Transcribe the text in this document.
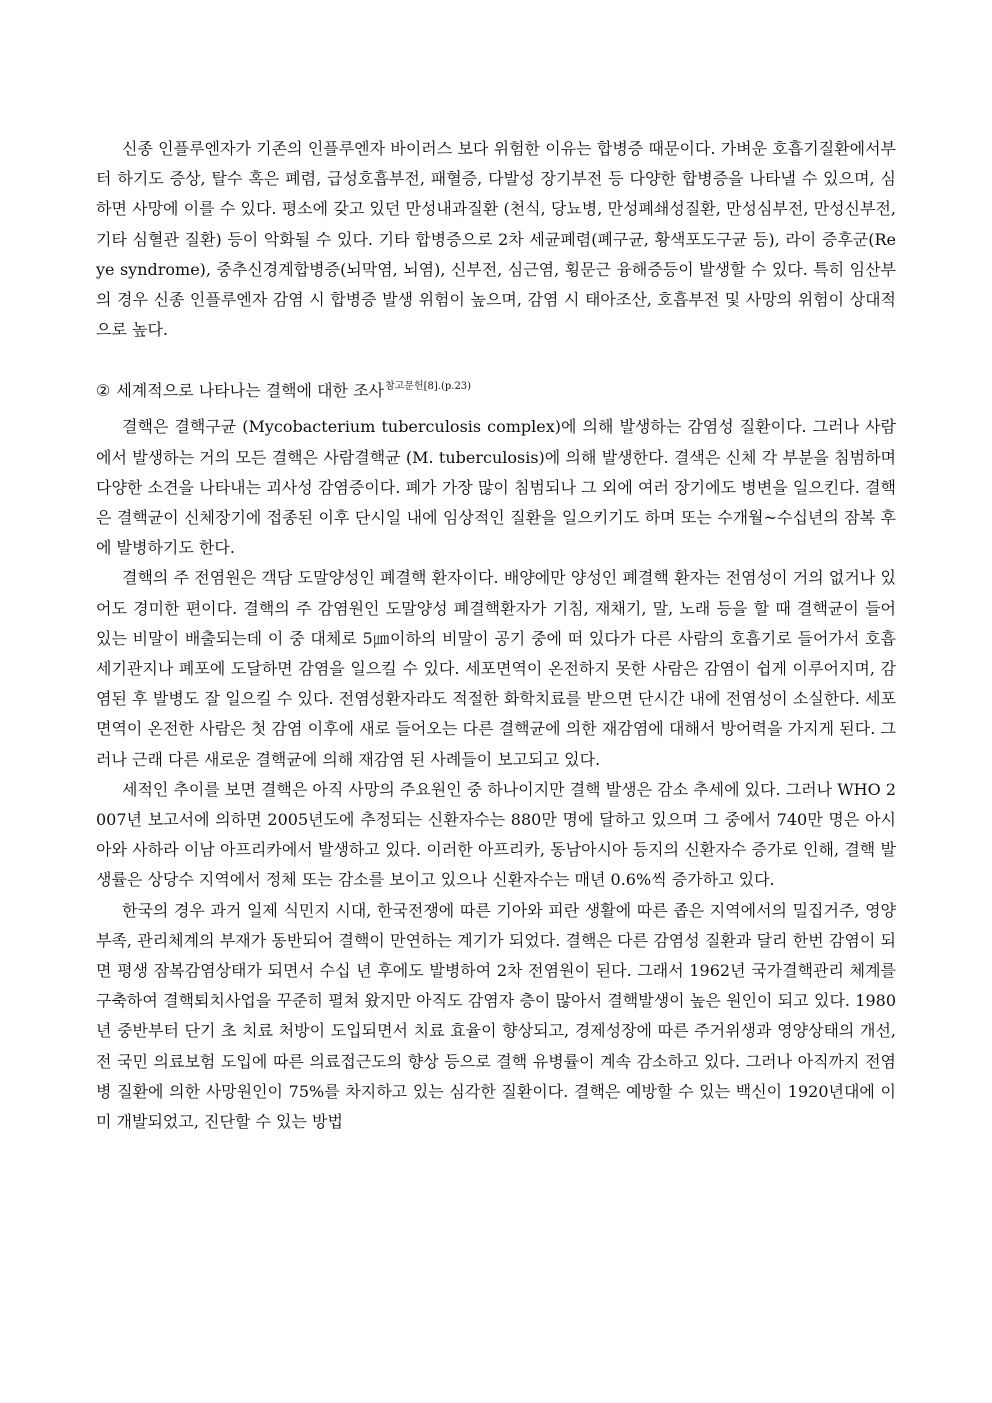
신종 인플루엔자가 기존의 인플루엔자 바이러스 보다 위험한 이유는 합병증 때문이다. 가벼운 호흡기질환에서부터 하기도 증상, 탈수 혹은 폐렴, 급성호흡부전, 패혈증, 다발성 장기부전 등 다양한 합병증을 나타낼 수 있으며, 심하면 사망에 이를 수 있다. 평소에 갖고 있던 만성내과질환 (천식, 당뇨병, 만성폐쇄성질환, 만성심부전, 만성신부전, 기타 심혈관 질환) 등이 악화될 수 있다. 기타 합병증으로 2차 세균폐렴(폐구균, 황색포도구균 등), 라이 증후군(Reye syndrome), 중추신경계합병증(뇌막염, 뇌염), 신부전, 심근염, 횡문근 융해증등이 발생할 수 있다. 특히 임산부의 경우 신종 인플루엔자 감염 시 합병증 발생 위험이 높으며, 감염 시 태아조산, 호흡부전 및 사망의 위험이 상대적으로 높다.

② 세계적으로 나타나는 결핵에 대한 조사$^{참고문헌[8].(p.23)}$

결핵은 결핵구균 (Mycobacterium tuberculosis complex)에 의해 발생하는 감염성 질환이다. 그러나 사람에서 발생하는 거의 모든 결핵은 사람결핵균 (M. tuberculosis)에 의해 발생한다. 결색은 신체 각 부분을 침범하며 다양한 소견을 나타내는 괴사성 감염증이다. 폐가 가장 많이 침범되나 그 외에 여러 장기에도 병변을 일으킨다. 결핵은 결핵균이 신체장기에 접종된 이후 단시일 내에 임상적인 질환을 일으키기도 하며 또는 수개월~수십년의 잠복 후에 발병하기도 한다.

결핵의 주 전염원은 객담 도말양성인 폐결핵 환자이다. 배양에만 양성인 폐결핵 환자는 전염성이 거의 없거나 있어도 경미한 편이다. 결핵의 주 감염원인 도말양성 폐결핵환자가 기침, 재채기, 말, 노래 등을 할 때 결핵균이 들어 있는 비말이 배출되는데 이 중 대체로 5㎛이하의 비말이 공기 중에 떠 있다가 다른 사람의 호흡기로 들어가서 호흡세기관지나 폐포에 도달하면 감염을 일으킬 수 있다. 세포면역이 온전하지 못한 사람은 감염이 쉽게 이루어지며, 감염된 후 발병도 잘 일으킬 수 있다. 전염성환자라도 적절한 화학치료를 받으면 단시간 내에 전염성이 소실한다. 세포면역이 온전한 사람은 첫 감염 이후에 새로 들어오는 다른 결핵균에 의한 재감염에 대해서 방어력을 가지게 된다. 그러나 근래 다른 새로운 결핵균에 의해 재감염 된 사례들이 보고되고 있다.

세적인 추이를 보면 결핵은 아직 사망의 주요원인 중 하나이지만 결핵 발생은 감소 추세에 있다. 그러나 WHO 2007년 보고서에 의하면 2005년도에 추정되는 신환자수는 880만 명에 달하고 있으며 그 중에서 740만 명은 아시아와 사하라 이남 아프리카에서 발생하고 있다. 이러한 아프리카, 동남아시아 등지의 신환자수 증가로 인해, 결핵 발생률은 상당수 지역에서 정체 또는 감소를 보이고 있으나 신환자수는 매년 0.6%씩 증가하고 있다.

한국의 경우 과거 일제 식민지 시대, 한국전쟁에 따른 기아와 피란 생활에 따른 좁은 지역에서의 밀집거주, 영양부족, 관리체계의 부재가 동반되어 결핵이 만연하는 계기가 되었다. 결핵은 다른 감염성 질환과 달리 한번 감염이 되면 평생 잠복감염상태가 되면서 수십 년 후에도 발병하여 2차 전염원이 된다. 그래서 1962년 국가결핵관리 체계를 구축하여 결핵퇴치사업을 꾸준히 펼쳐 왔지만 아직도 감염자 층이 많아서 결핵발생이 높은 원인이 되고 있다. 1980년 중반부터 단기 초 치료 처방이 도입되면서 치료 효율이 향상되고, 경제성장에 따른 주거위생과 영양상태의 개선, 전 국민 의료보험 도입에 따른 의료접근도의 향상 등으로 결핵 유병률이 계속 감소하고 있다. 그러나 아직까지 전염병 질환에 의한 사망원인이 75%를 차지하고 있는 심각한 질환이다. 결핵은 예방할 수 있는 백신이 1920년대에 이미 개발되었고, 진단할 수 있는 방법
